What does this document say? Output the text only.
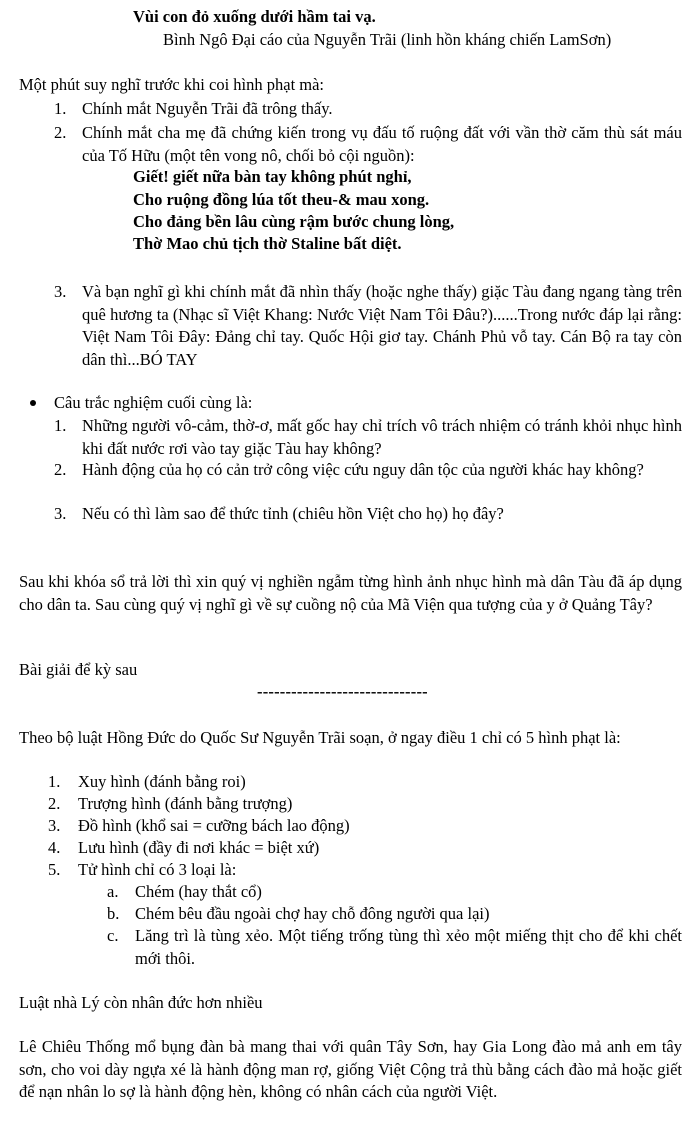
Vùi con đỏ xuống dưới hầm tai vạ.
Bình Ngô Đại cáo của Nguyễn Trãi (linh hồn kháng chiến LamSơn)
Một phút suy nghĩ trước khi coi hình phạt mà:
1. Chính mắt Nguyễn Trãi đã trông thấy.
2. Chính mắt cha mẹ đã chứng kiến trong vụ đấu tố ruộng đất với vần thờ căm thù sát máu của Tố Hữu (một tên vong nô, chối bỏ cội nguồn):
Giết! giết nữa bàn tay không phút nghỉ,
Cho ruộng đồng lúa tốt theu-& mau xong.
Cho đảng bền lâu cùng rậm bước chung lòng,
Thờ Mao chủ tịch thờ Staline bất diệt.
3. Và bạn nghĩ gì khi chính mắt đã nhìn thấy (hoặc nghe thấy) giặc Tàu đang ngang tàng trên quê hương ta (Nhạc sĩ Việt Khang: Nước Việt Nam Tôi Đâu?)......Trong nước đáp lại rằng: Việt Nam Tôi Đây: Đảng chỉ tay. Quốc Hội giơ tay. Chánh Phủ vỗ tay. Cán Bộ ra tay còn dân thì...BÓ TAY
Câu trắc nghiệm cuối cùng là:
1. Những người vô-cảm, thờ-ơ, mất gốc hay chỉ trích vô trách nhiệm có tránh khỏi nhục hình khi đất nước rơi vào tay giặc Tàu hay không?
2. Hành động của họ có cản trở công việc cứu nguy dân tộc của người khác hay không?
3. Nếu có thì làm sao để thức tỉnh (chiêu hồn Việt cho họ) họ đây?
Sau khi khóa sổ trả lời thì xin quý vị nghiền ngẫm từng hình ảnh nhục hình mà dân Tàu đã áp dụng cho dân ta. Sau cùng quý vị nghĩ gì về sự cuồng nộ của Mã Viện qua tượng của y ở Quảng Tây?
Bài giải để kỳ sau
------------------------------
Theo bộ luật Hồng Đức do Quốc Sư Nguyễn Trãi soạn, ở ngay điều 1 chỉ có 5 hình phạt là:
1. Xuy hình (đánh bằng roi)
2. Trượng hình (đánh bằng trượng)
3. Đồ hình (khổ sai = cưỡng bách lao động)
4. Lưu hình (đầy đi nơi khác = biệt xứ)
5. Tử hình chỉ có 3 loại là:
a. Chém (hay thắt cổ)
b. Chém bêu đầu ngoài chợ hay chỗ đông người qua lại)
c. Lăng trì là tùng xẻo. Một tiếng trống tùng thì xẻo một miếng thịt cho để khi chết mới thôi.
Luật nhà Lý còn nhân đức hơn nhiều
Lê Chiêu Thống mổ bụng đàn bà mang thai với quân Tây Sơn, hay Gia Long đào mả anh em tây sơn, cho voi dày ngựa xé là hành động man rợ, giống Việt Cộng trả thù bằng cách đào mả hoặc giết để nạn nhân lo sợ là hành động hèn, không có nhân cách của người Việt.
